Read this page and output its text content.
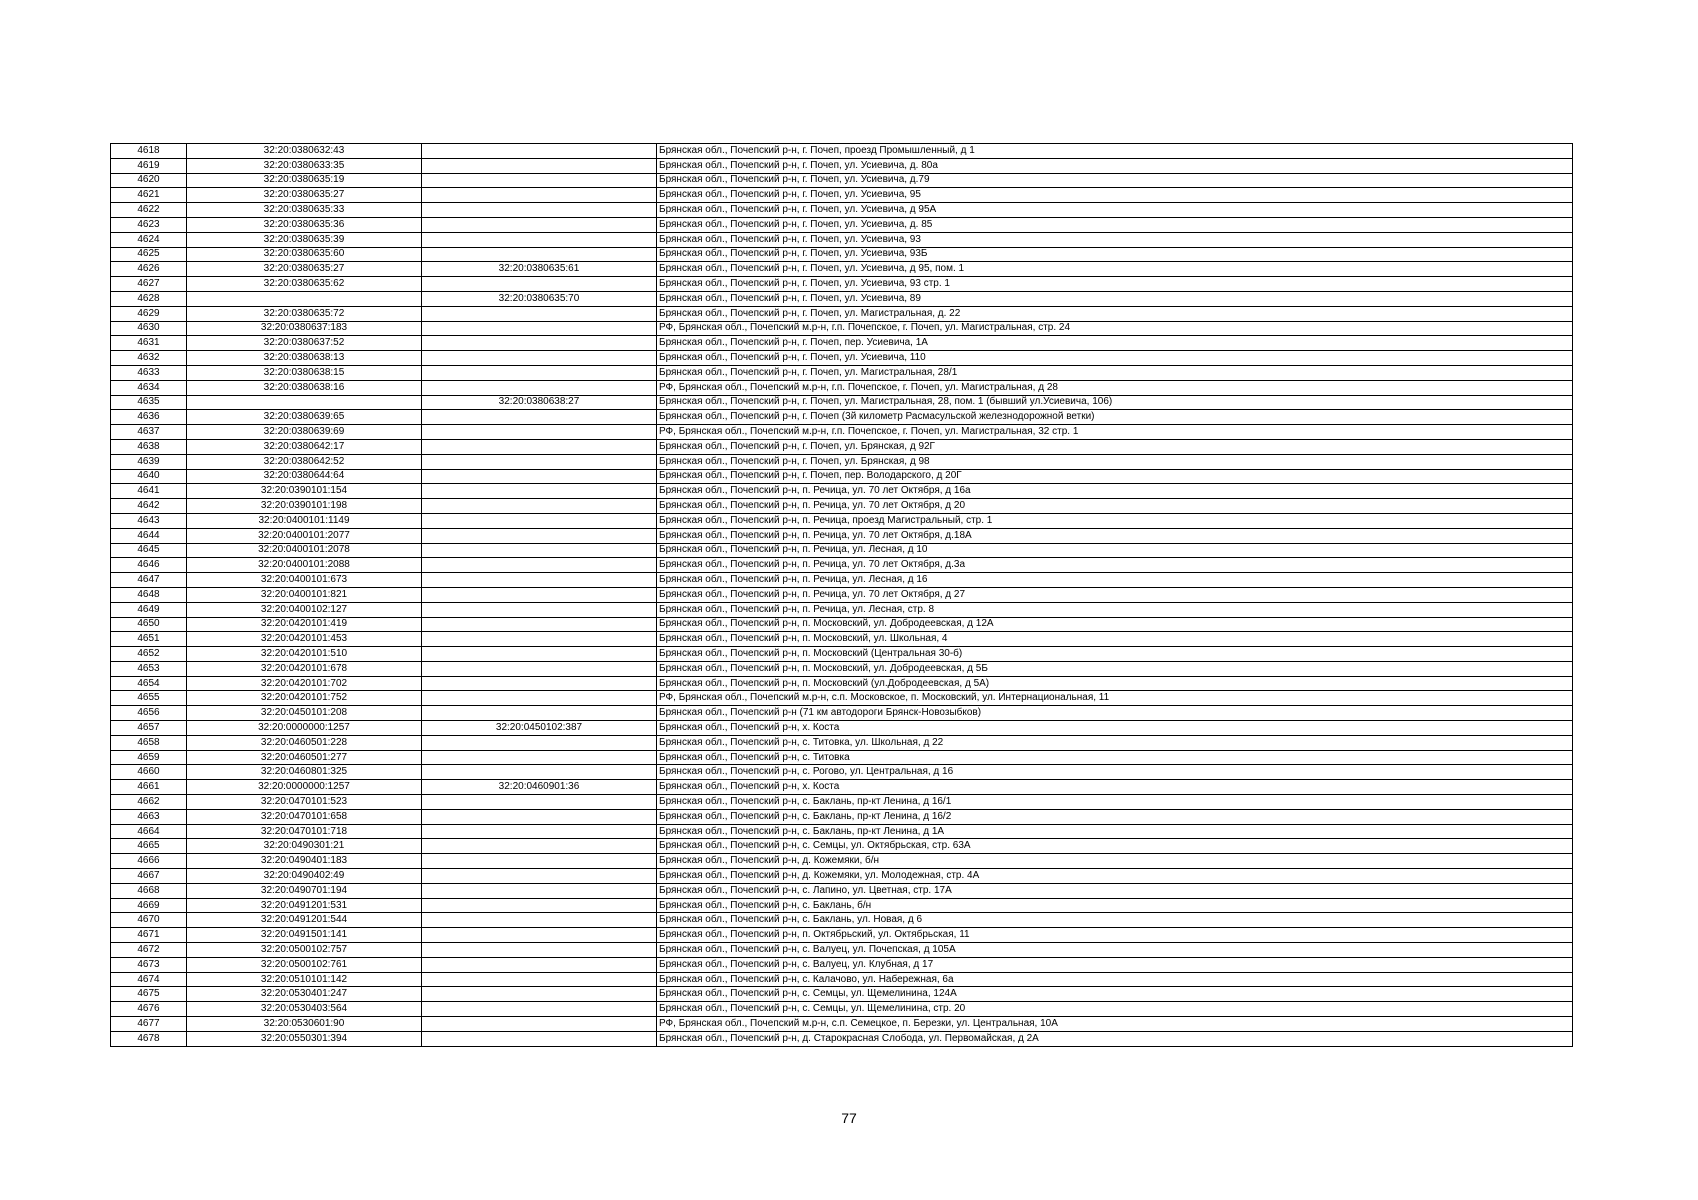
4618	32:20:0380632:43		Брянская обл., Почепский р-н, г. Почеп, проезд Промышленный, д 1
4619	32:20:0380633:35		Брянская обл., Почепский р-н, г. Почеп, ул. Усиевича, д. 80а
4620	32:20:0380635:19		Брянская обл., Почепский р-н, г. Почеп, ул. Усиевича, д.79
4621	32:20:0380635:27		Брянская обл., Почепский р-н, г. Почеп, ул. Усиевича, 95
4622	32:20:0380635:33		Брянская обл., Почепский р-н, г. Почеп, ул. Усиевича, д 95А
4623	32:20:0380635:36		Брянская обл., Почепский р-н, г. Почеп, ул. Усиевича, д. 85
4624	32:20:0380635:39		Брянская обл., Почепский р-н, г. Почеп, ул. Усиевича, 93
4625	32:20:0380635:60		Брянская обл., Почепский р-н, г. Почеп, ул. Усиевича, 93Б
4626	32:20:0380635:27	32:20:0380635:61	Брянская обл., Почепский р-н, г. Почеп, ул. Усиевича, д 95, пом. 1
4627	32:20:0380635:62		Брянская обл., Почепский р-н, г. Почеп, ул. Усиевича, 93 стр. 1
4628		32:20:0380635:70	Брянская обл., Почепский р-н, г. Почеп, ул. Усиевича, 89
4629	32:20:0380635:72		Брянская обл., Почепский р-н, г. Почеп, ул. Магистральная, д. 22
4630	32:20:0380637:183		РФ, Брянская обл., Почепский м.р-н, г.п. Почепское, г. Почеп, ул. Магистральная, стр. 24
4631	32:20:0380637:52		Брянская обл., Почепский р-н, г. Почеп, пер. Усиевича, 1А
4632	32:20:0380638:13		Брянская обл., Почепский р-н, г. Почеп, ул. Усиевича, 110
4633	32:20:0380638:15		Брянская обл., Почепский р-н, г. Почеп, ул. Магистральная, 28/1
4634	32:20:0380638:16		РФ, Брянская обл., Почепский м.р-н, г.п. Почепское, г. Почеп, ул. Магистральная, д 28
4635		32:20:0380638:27	Брянская обл., Почепский р-н, г. Почеп, ул. Магистральная, 28, пом. 1 (бывший ул.Усиевича, 106)
4636	32:20:0380639:65		Брянская обл., Почепский р-н, г. Почеп (3й километр Расмасульской железнодорожной ветки)
4637	32:20:0380639:69		РФ, Брянская обл., Почепский м.р-н, г.п. Почепское, г. Почеп, ул. Магистральная, 32 стр. 1
4638	32:20:0380642:17		Брянская обл., Почепский р-н, г. Почеп, ул. Брянская, д 92Г
4639	32:20:0380642:52		Брянская обл., Почепский р-н, г. Почеп, ул. Брянская, д 98
4640	32:20:0380644:64		Брянская обл., Почепский р-н, г. Почеп, пер. Володарского, д 20Г
4641	32:20:0390101:154		Брянская обл., Почепский р-н, п. Речица, ул. 70 лет Октября, д 16а
4642	32:20:0390101:198		Брянская обл., Почепский р-н, п. Речица, ул. 70 лет Октября, д 20
4643	32:20:0400101:1149		Брянская обл., Почепский р-н, п. Речица, проезд Магистральный, стр. 1
4644	32:20:0400101:2077		Брянская обл., Почепский р-н, п. Речица, ул. 70 лет Октября, д.18А
4645	32:20:0400101:2078		Брянская обл., Почепский р-н, п. Речица, ул. Лесная, д 10
4646	32:20:0400101:2088		Брянская обл., Почепский р-н, п. Речица, ул. 70 лет Октября, д.3а
4647	32:20:0400101:673		Брянская обл., Почепский р-н, п. Речица, ул. Лесная, д 16
4648	32:20:0400101:821		Брянская обл., Почепский р-н, п. Речица, ул. 70 лет Октября, д 27
4649	32:20:0400102:127		Брянская обл., Почепский р-н, п. Речица, ул. Лесная, стр. 8
4650	32:20:0420101:419		Брянская обл., Почепский р-н, п. Московский, ул. Добродеевская, д 12А
4651	32:20:0420101:453		Брянская обл., Почепский р-н, п. Московский, ул. Школьная, 4
4652	32:20:0420101:510		Брянская обл., Почепский р-н, п. Московский (Центральная 30-б)
4653	32:20:0420101:678		Брянская обл., Почепский р-н, п. Московский, ул. Добродеевская, д 5Б
4654	32:20:0420101:702		Брянская обл., Почепский р-н, п. Московский (ул.Добродеевская, д 5А)
4655	32:20:0420101:752		РФ, Брянская обл., Почепский м.р-н, с.п. Московское, п. Московский, ул. Интернациональная, 11
4656	32:20:0450101:208		Брянская обл., Почепский р-н (71 км автодороги Брянск-Новозыбков)
4657	32:20:0000000:1257	32:20:0450102:387	Брянская обл., Почепский р-н, х. Коста
4658	32:20:0460501:228		Брянская обл., Почепский р-н, с. Титовка, ул. Школьная, д 22
4659	32:20:0460501:277		Брянская обл., Почепский р-н, с. Титовка
4660	32:20:0460801:325		Брянская обл., Почепский р-н, с. Рогово, ул. Центральная, д 16
4661	32:20:0000000:1257	32:20:0460901:36	Брянская обл., Почепский р-н, х. Коста
4662	32:20:0470101:523		Брянская обл., Почепский р-н, с. Баклань, пр-кт Ленина, д 16/1
4663	32:20:0470101:658		Брянская обл., Почепский р-н, с. Баклань, пр-кт Ленина, д 16/2
4664	32:20:0470101:718		Брянская обл., Почепский р-н, с. Баклань, пр-кт Ленина, д 1А
4665	32:20:0490301:21		Брянская обл., Почепский р-н, с. Семцы, ул. Октябрьская, стр. 63А
4666	32:20:0490401:183		Брянская обл., Почепский р-н, д. Кожемяки, б/н
4667	32:20:0490402:49		Брянская обл., Почепский р-н, д. Кожемяки, ул. Молодежная, стр. 4А
4668	32:20:0490701:194		Брянская обл., Почепский р-н, с. Лапино, ул. Цветная, стр. 17А
4669	32:20:0491201:531		Брянская обл., Почепский р-н, с. Баклань, б/н
4670	32:20:0491201:544		Брянская обл., Почепский р-н, с. Баклань, ул. Новая, д 6
4671	32:20:0491501:141		Брянская обл., Почепский р-н, п. Октябрьский, ул. Октябрьская, 11
4672	32:20:0500102:757		Брянская обл., Почепский р-н, с. Валуец, ул. Почепская, д 105А
4673	32:20:0500102:761		Брянская обл., Почепский р-н, с. Валуец, ул. Клубная, д 17
4674	32:20:0510101:142		Брянская обл., Почепский р-н, с. Калачово, ул. Набережная, 6а
4675	32:20:0530401:247		Брянская обл., Почепский р-н, с. Семцы, ул. Щемелинина, 124А
4676	32:20:0530403:564		Брянская обл., Почепский р-н, с. Семцы, ул. Щемелинина, стр. 20
4677	32:20:0530601:90		РФ, Брянская обл., Почепский м.р-н, с.п. Семецкое, п. Березки, ул. Центральная, 10А
4678	32:20:0550301:394		Брянская обл., Почепский р-н, д. Старокрасная Слобода, ул. Первомайская, д 2А
77
